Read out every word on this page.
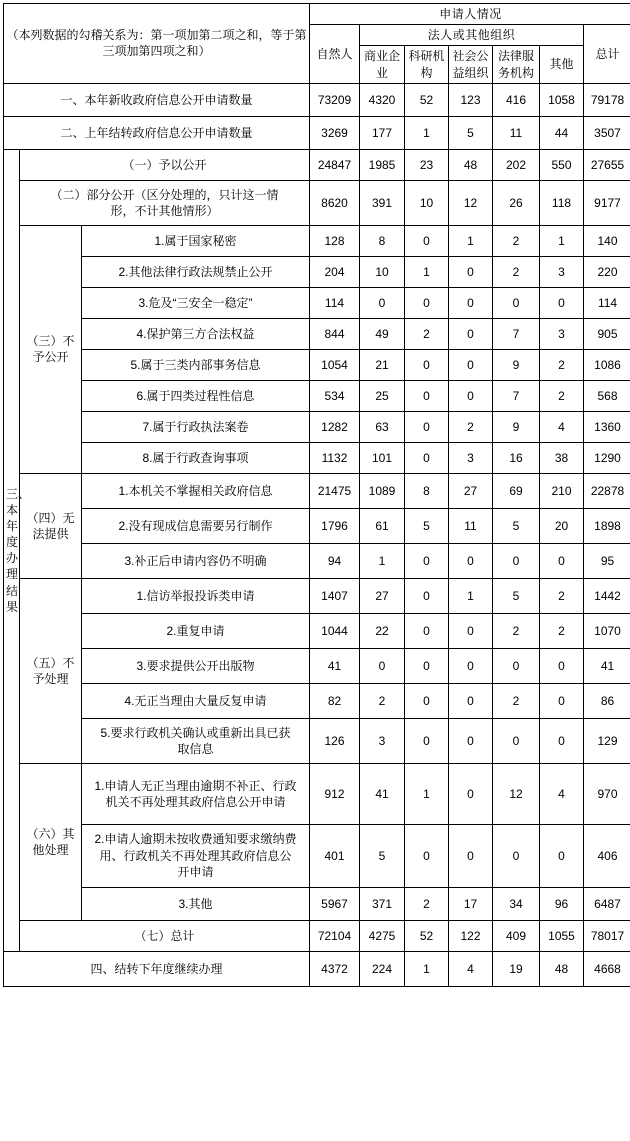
（本列数据的勾稽关系为：第一项加第二项之和，等于第三项加第四项之和）			申请人情况						
			自然人	法人或其他组织					总计
				商业企业	科研机构	社会公益组织	法律服务机构	其他	
一、本年新收政府信息公开申请数量			73209	4320	52	123	416	1058	79178
二、上年结转政府信息公开申请数量			3269	177	1	5	11	44	3507
三、本年度办理结果	（一）予以公开		24847	1985	23	48	202	550	27655
	（二）部分公开（区分处理的，只计这一情形，不计其他情形）		8620	391	10	12	26	118	9177
	（三）不予公开	1.属于国家秘密	128	8	0	1	2	1	140
		2.其他法律行政法规禁止公开	204	10	1	0	2	3	220
		3.危及“三安全一稳定”	114	0	0	0	0	0	114
		4.保护第三方合法权益	844	49	2	0	7	3	905
		5.属于三类内部事务信息	1054	21	0	0	9	2	1086
		6.属于四类过程性信息	534	25	0	0	7	2	568
		7.属于行政执法案卷	1282	63	0	2	9	4	1360
		8.属于行政查询事项	1132	101	0	3	16	38	1290
	（四）无法提供	1.本机关不掌握相关政府信息	21475	1089	8	27	69	210	22878
		2.没有现成信息需要另行制作	1796	61	5	11	5	20	1898
		3.补正后申请内容仍不明确	94	1	0	0	0	0	95
	（五）不予处理	1.信访举报投诉类申请	1407	27	0	1	5	2	1442
		2.重复申请	1044	22	0	0	2	2	1070
		3.要求提供公开出版物	41	0	0	0	0	0	41
		4.无正当理由大量反复申请	82	2	0	0	2	0	86
		5.要求行政机关确认或重新出具已获取信息	126	3	0	0	0	0	129
	（六）其他处理	1.申请人无正当理由逾期不补正、行政机关不再处理其政府信息公开申请	912	41	1	0	12	4	970
		2.申请人逾期未按收费通知要求缴纳费用、行政机关不再处理其政府信息公开申请	401	5	0	0	0	0	406
		3.其他	5967	371	2	17	34	96	6487
	（七）总计		72104	4275	52	122	409	1055	78017
四、结转下年度继续办理			4372	224	1	4	19	48	4668
